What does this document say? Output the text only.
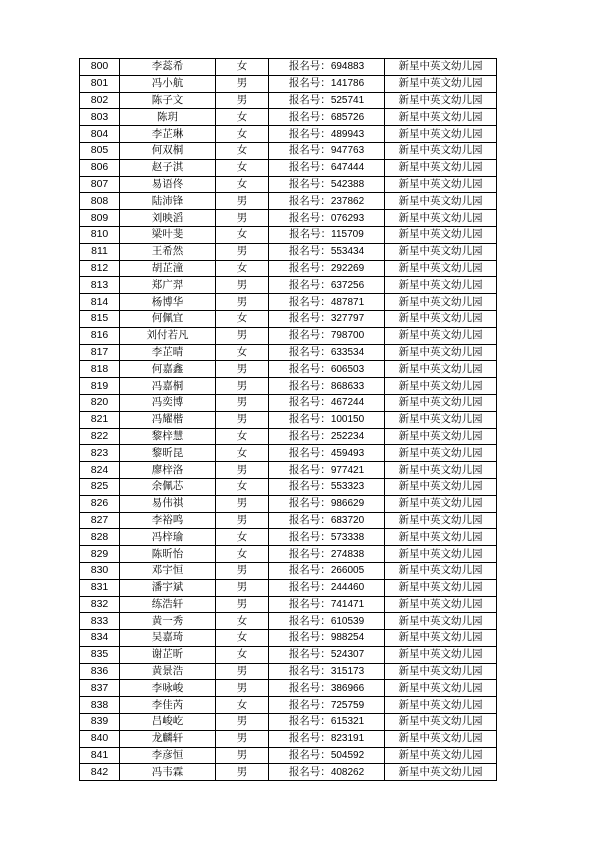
800	李蕊希	女	报名号：694883	新星中英文幼儿园
801	冯小航	男	报名号：141786	新星中英文幼儿园
802	陈子文	男	报名号：525741	新星中英文幼儿园
803	陈玥	女	报名号：685726	新星中英文幼儿园
804	李芷琳	女	报名号：489943	新星中英文幼儿园
805	何双桐	女	报名号：947763	新星中英文幼儿园
806	赵子淇	女	报名号：647444	新星中英文幼儿园
807	易语佟	女	报名号：542388	新星中英文幼儿园
808	陆沛锋	男	报名号：237862	新星中英文幼儿园
809	刘映滔	男	报名号：076293	新星中英文幼儿园
810	梁叶斐	女	报名号：115709	新星中英文幼儿园
811	王希然	男	报名号：553434	新星中英文幼儿园
812	胡芷潼	女	报名号：292269	新星中英文幼儿园
813	郑广羿	男	报名号：637256	新星中英文幼儿园
814	杨博华	男	报名号：487871	新星中英文幼儿园
815	何佩宜	女	报名号：327797	新星中英文幼儿园
816	刘付若凡	男	报名号：798700	新星中英文幼儿园
817	李芷晴	女	报名号：633534	新星中英文幼儿园
818	何嘉鑫	男	报名号：606503	新星中英文幼儿园
819	冯嘉桐	男	报名号：868633	新星中英文幼儿园
820	冯奕博	男	报名号：467244	新星中英文幼儿园
821	冯耀楷	男	报名号：100150	新星中英文幼儿园
822	黎梓慧	女	报名号：252234	新星中英文幼儿园
823	黎昕昆	女	报名号：459493	新星中英文幼儿园
824	廖梓洛	男	报名号：977421	新星中英文幼儿园
825	余佩芯	女	报名号：553323	新星中英文幼儿园
826	易伟祺	男	报名号：986629	新星中英文幼儿园
827	李裕鸣	男	报名号：683720	新星中英文幼儿园
828	冯梓瑜	女	报名号：573338	新星中英文幼儿园
829	陈昕怡	女	报名号：274838	新星中英文幼儿园
830	邓宇恒	男	报名号：266005	新星中英文幼儿园
831	潘宇斌	男	报名号：244460	新星中英文幼儿园
832	练浩轩	男	报名号：741471	新星中英文幼儿园
833	黄一秀	女	报名号：610539	新星中英文幼儿园
834	吴嘉琦	女	报名号：988254	新星中英文幼儿园
835	谢芷昕	女	报名号：524307	新星中英文幼儿园
836	黄景浩	男	报名号：315173	新星中英文幼儿园
837	李咏峻	男	报名号：386966	新星中英文幼儿园
838	李佳芮	女	报名号：725759	新星中英文幼儿园
839	吕峻屹	男	报名号：615321	新星中英文幼儿园
840	龙麟轩	男	报名号：823191	新星中英文幼儿园
841	李彦恒	男	报名号：504592	新星中英文幼儿园
842	冯韦霖	男	报名号：408262	新星中英文幼儿园
